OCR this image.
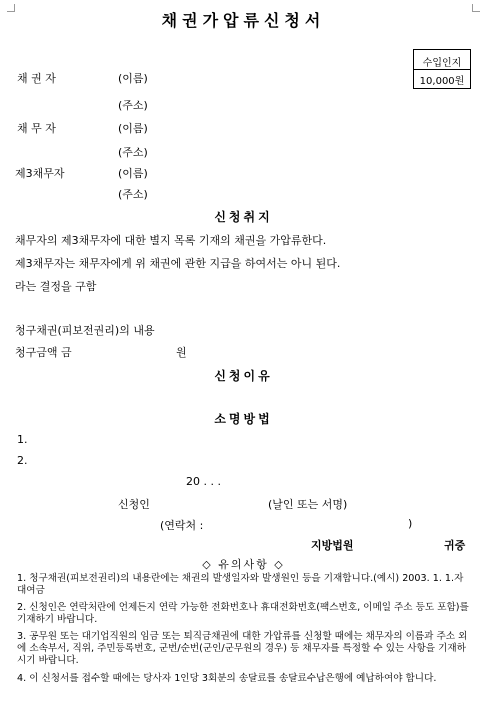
채권가압류신청서
수입인지
10,000원
채 권 자	(이름)
(주소)
채 무 자	(이름)
(주소)
제3채무자	(이름)
(주소)
신청취지
채무자의 제3채무자에 대한 별지 목록 기재의 채권을 가압류한다.
제3채무자는 채무자에게 위 채권에 관한 지급을 하여서는 아니 된다.
라는 결정을 구함
청구채권(피보전권리)의 내용
청구금액 금	원
신청이유
소명방법
1.
2.
20 . . .
신청인	(날인 또는 서명)
(연락처 :	)
지방법원	귀중
◇ 유의사항 ◇
1. 청구채권(피보전권리)의 내용란에는 채권의 발생일자와 발생원인 등을 기재합니다.(예시) 2003. 1. 1.자 대여금
2. 신청인은 연락처란에 언제든지 연락 가능한 전화번호나 휴대전화번호(팩스번호, 이메일 주소 등도 포함)를 기재하기 바랍니다.
3. 공무원 또는 대기업직원의 임금 또는 퇴직금채권에 대한 가압류를 신청할 때에는 채무자의 이름과 주소 외에 소속부서, 직위, 주민등록번호, 군번/순번(군인/군무원의 경우) 등 채무자를 특정할 수 있는 사항을 기재하시기 바랍니다.
4. 이 신청서를 접수할 때에는 당사자 1인당 3회분의 송달료를 송달료수납은행에 예납하여야 합니다.
